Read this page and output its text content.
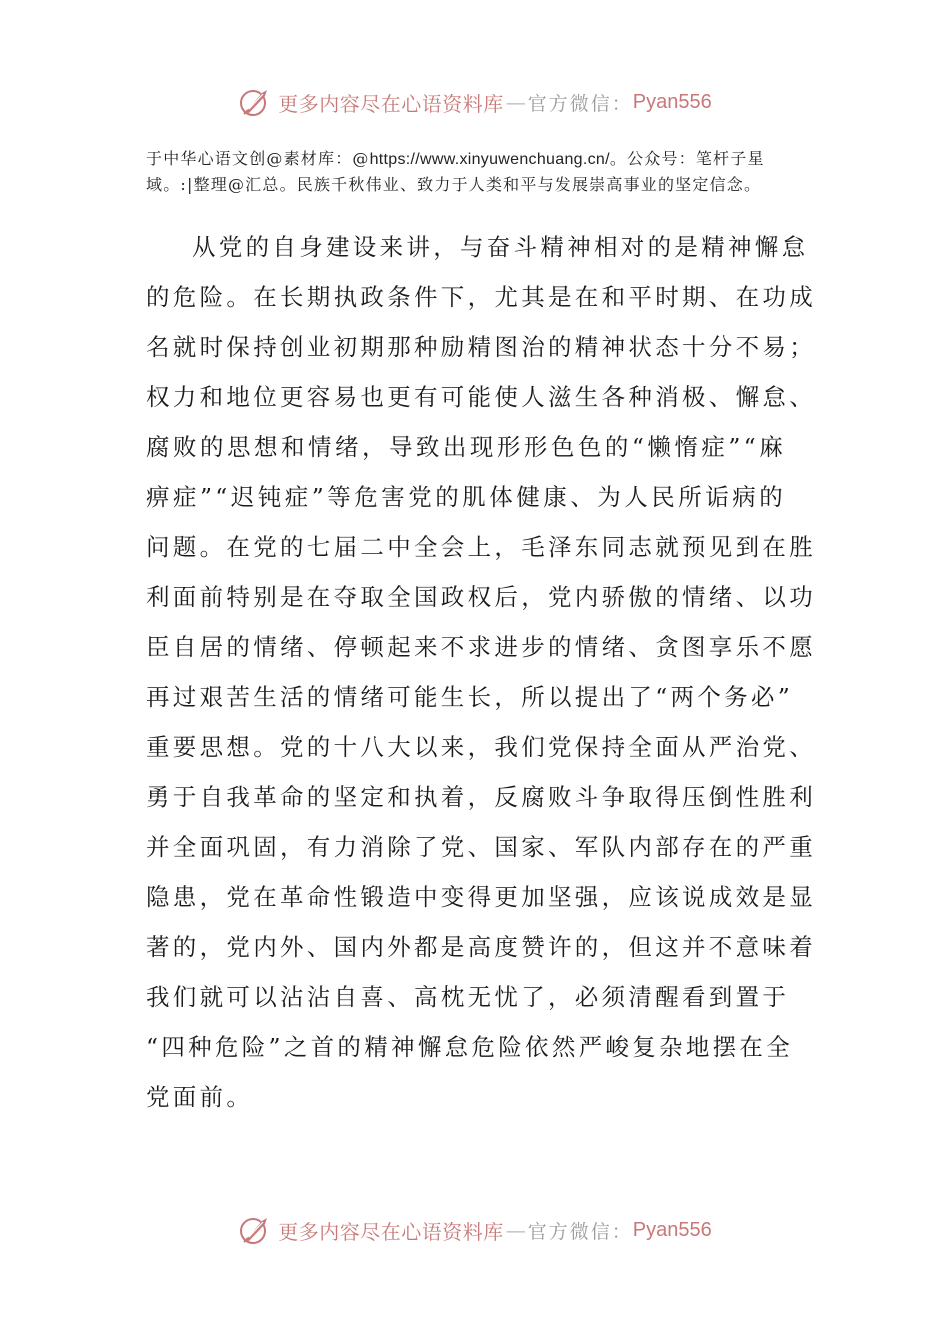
更多内容尽在心语资料库 — 官方微信： Pyan556
于中华心语文创@素材库：@https://www.xinyuwenchuang.cn/。公众号：笔杆子星域。:|整理@汇总。民族千秋伟业、致力于人类和平与发展崇高事业的坚定信念。
从党的自身建设来讲，与奋斗精神相对的是精神懈怠
的危险。在长期执政条件下，尤其是在和平时期、在功成
名就时保持创业初期那种励精图治的精神状态十分不易；
权力和地位更容易也更有可能使人滋生各种消极、懈怠、
腐败的思想和情绪，导致出现形形色色的“懒惰症”“麻
痹症”“迟钝症”等危害党的肌体健康、为人民所诟病的
问题。在党的七届二中全会上，毛泽东同志就预见到在胜
利面前特别是在夺取全国政权后，党内骄傲的情绪、以功
臣自居的情绪、停顿起来不求进步的情绪、贪图享乐不愿
再过艰苦生活的情绪可能生长，所以提出了“两个务必”
重要思想。党的十八大以来，我们党保持全面从严治党、
勇于自我革命的坚定和执着，反腐败斗争取得压倒性胜利
并全面巩固，有力消除了党、国家、军队内部存在的严重
隐患，党在革命性锻造中变得更加坚强，应该说成效是显
著的，党内外、国内外都是高度赞许的，但这并不意味着
我们就可以沾沾自喜、高枕无忧了，必须清醒看到置于
“四种危险”之首的精神懈怠危险依然严峻复杂地摆在全
党面前。
更多内容尽在心语资料库 — 官方微信： Pyan556
